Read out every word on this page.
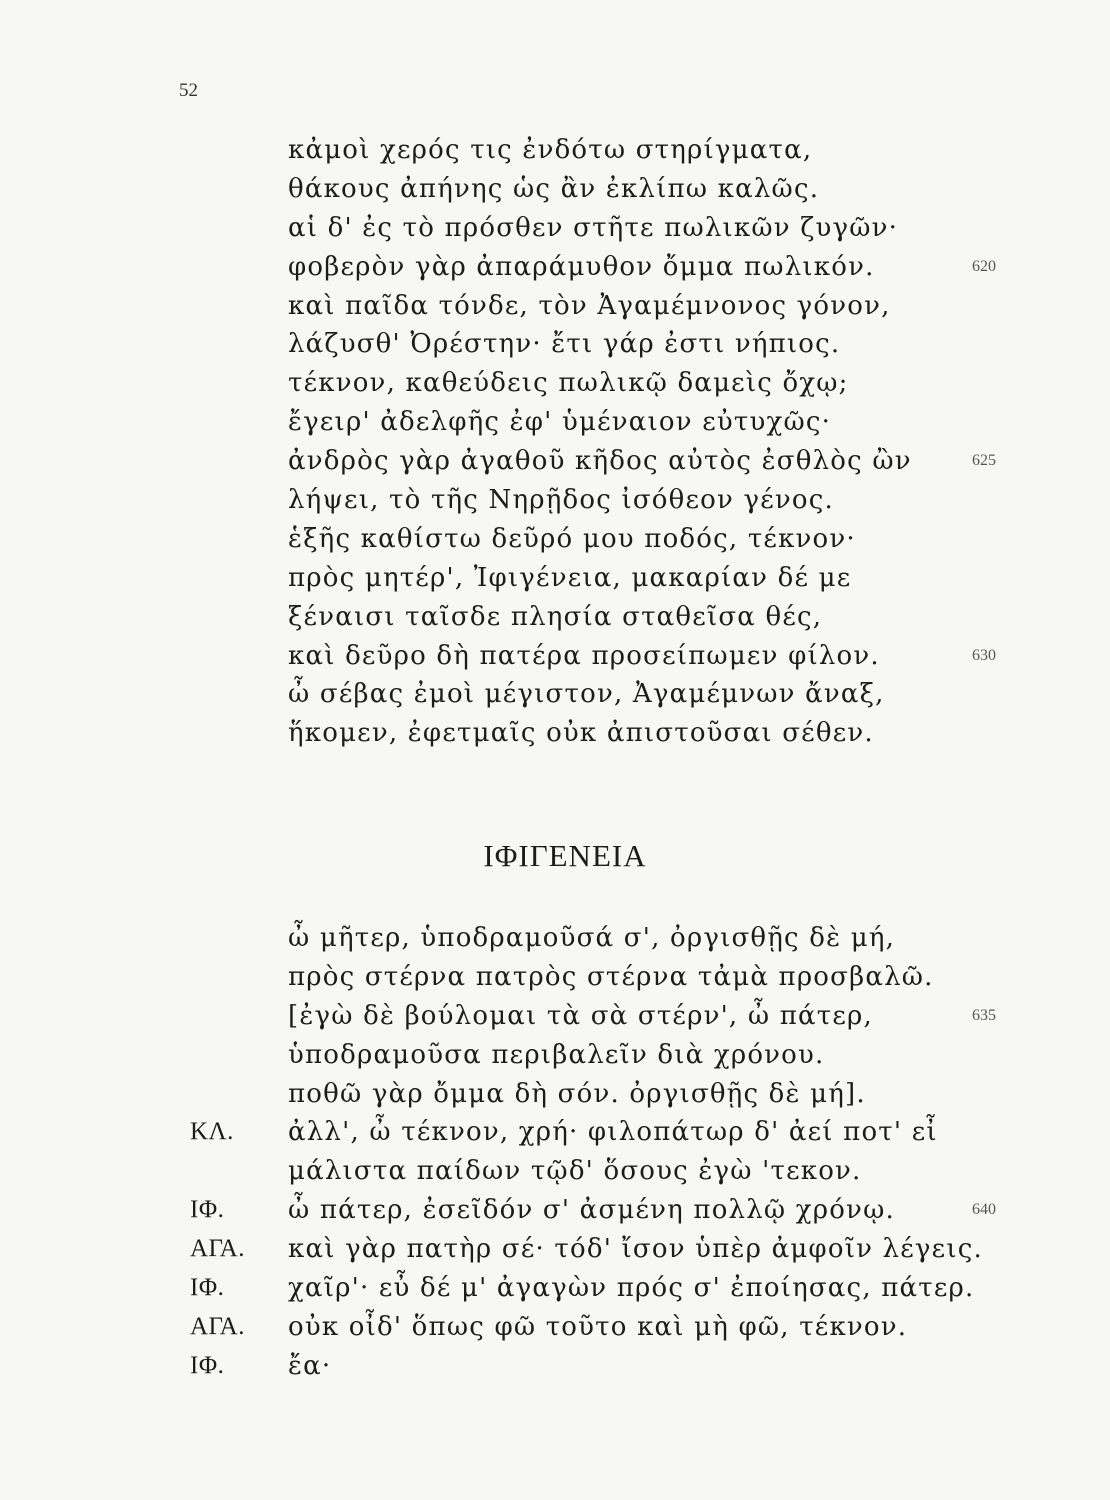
52
κἀμοὶ χερός τις ἐνδότω στηρίγματα,
θάκους ἀπήνης ὡς ἂν ἐκλίπω καλῶς.
αἱ δ' ἐς τὸ πρόσθεν στῆτε πωλικῶν ζυγῶν·
φοβερὸν γὰρ ἀπαράμυθον ὄμμα πωλικόν.	620
καὶ παῖδα τόνδε, τὸν Ἀγαμέμνονος γόνον,
λάζυσθ' Ὀρέστην· ἔτι γάρ ἐστι νήπιος.
τέκνον, καθεύδεις πωλικῷ δαμεὶς ὄχῳ;
ἔγειρ' ἀδελφῆς ἐφ' ὑμέναιον εὐτυχῶς·
ἀνδρὸς γὰρ ἀγαθοῦ κῆδος αὐτὸς ἐσθλὸς ὢν	625
λήψει, τὸ τῆς Νηρῇδος ἰσόθεον γένος.
ἑξῆς καθίστω δεῦρό μου ποδός, τέκνον·
πρὸς μητέρ', Ἰφιγένεια, μακαρίαν δέ με
ξέναισι ταῖσδε πλησία σταθεῖσα θές,
καὶ δεῦρο δὴ πατέρα προσείπωμεν φίλον.	630
ὦ σέβας ἐμοὶ μέγιστον, Ἀγαμέμνων ἄναξ,
ἥκομεν, ἐφετμαῖς οὐκ ἀπιστοῦσαι σέθεν.
ΙΦΙΓΕΝΕΙΑ
ὦ μῆτερ, ὑποδραμοῦσά σ', ὀργισθῇς δὲ μή,
πρὸς στέρνα πατρὸς στέρνα τἀμὰ προσβαλῶ.
[ἐγὼ δὲ βούλομαι τὰ σὰ στέρν', ὦ πάτερ,	635
ὑποδραμοῦσα περιβαλεῖν διὰ χρόνου.
ποθῶ γὰρ ὄμμα δὴ σόν. ὀργισθῇς δὲ μή].
ΚΛ. ἀλλ', ὦ τέκνον, χρή· φιλοπάτωρ δ' ἀεί ποτ' εἶ
μάλιστα παίδων τῷδ' ὅσους ἐγὼ 'τεκον.
ΙΦ. ὦ πάτερ, ἐσεῖδόν σ' ἀσμένη πολλῷ χρόνῳ.	640
ΑΓΑ. καὶ γὰρ πατὴρ σέ· τόδ' ἴσον ὑπὲρ ἀμφοῖν λέγεις.
ΙΦ. χαῖρ'· εὖ δέ μ' ἀγαγὼν πρός σ' ἐποίησας, πάτερ.
ΑΓΑ. οὐκ οἶδ' ὅπως φῶ τοῦτο καὶ μὴ φῶ, τέκνον.
ΙΦ. ἔα·
